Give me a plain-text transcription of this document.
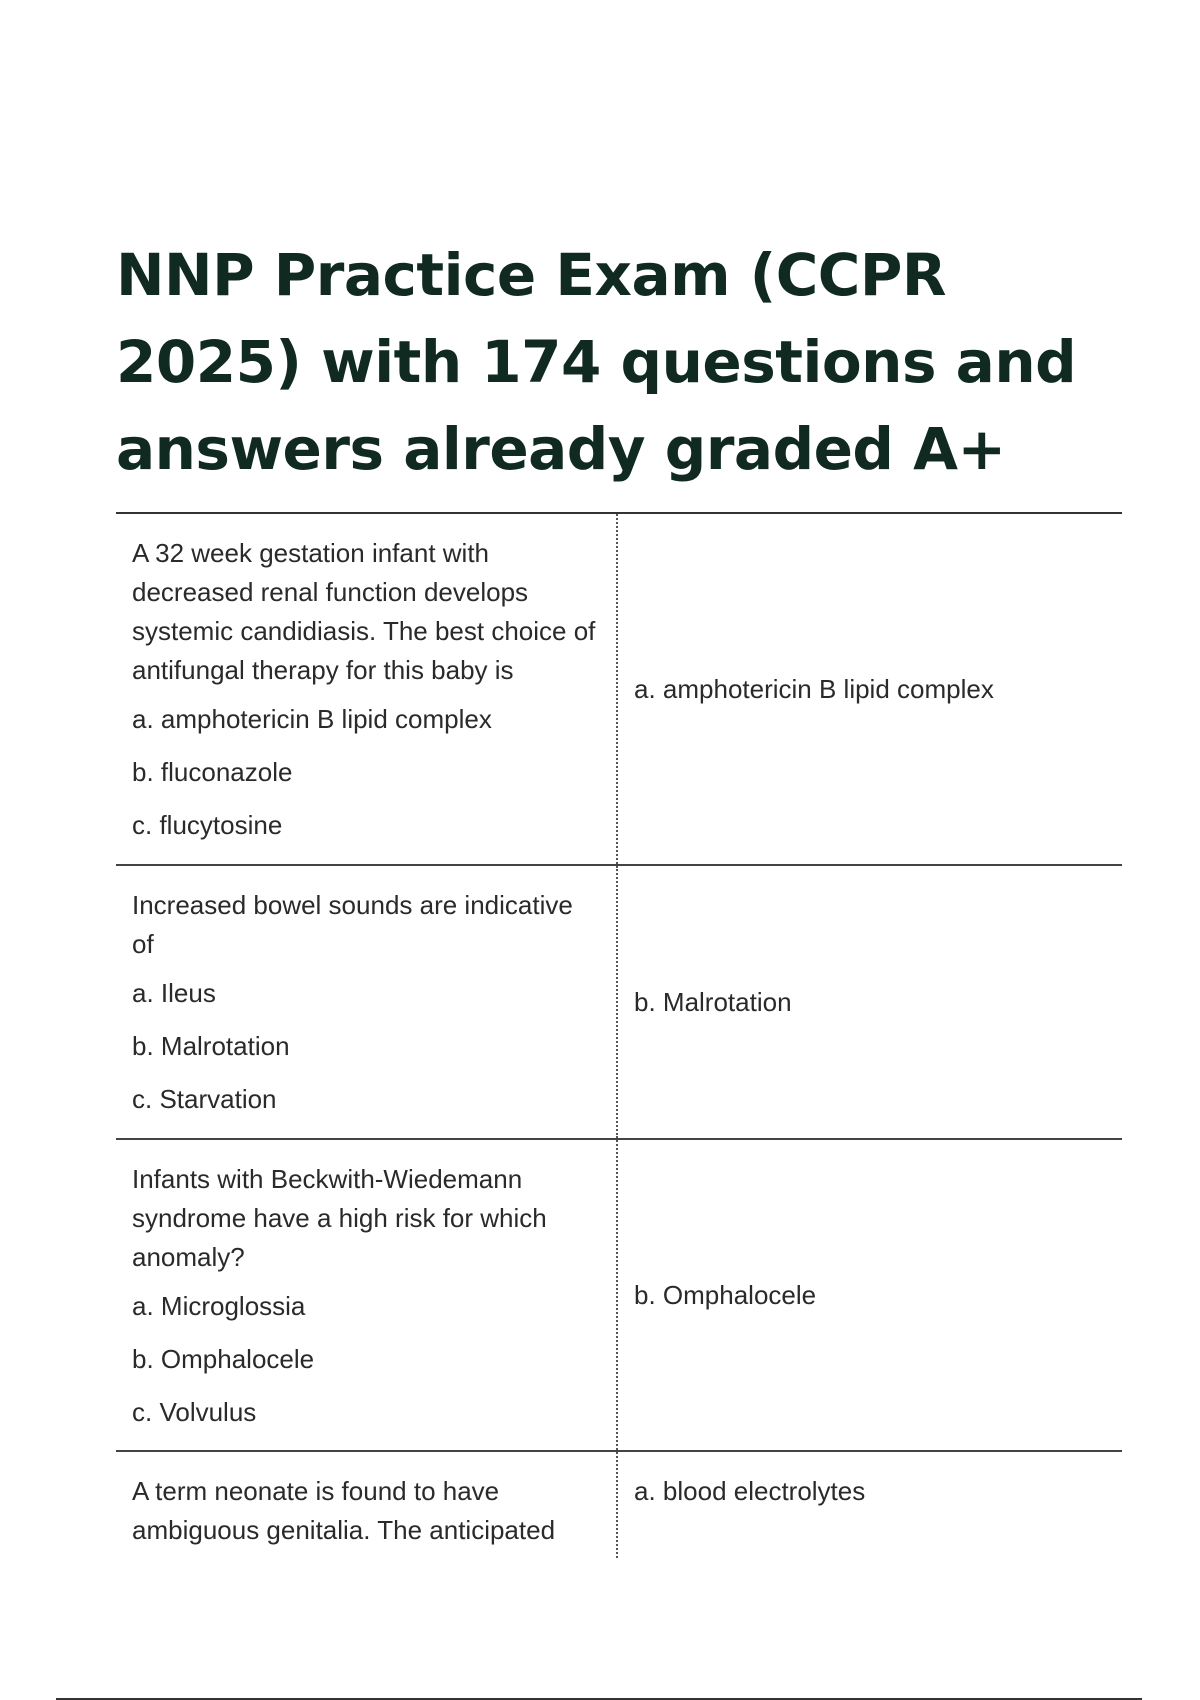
NNP Practice Exam (CCPR 2025) with 174 questions and answers already graded A+

A 32 week gestation infant with decreased renal function develops systemic candidiasis. The best choice of antifungal therapy for this baby is

a. amphotericin B lipid complex

b. fluconazole

c. flucytosine

a. amphotericin B lipid complex

Increased bowel sounds are indicative of

a. Ileus

b. Malrotation

c. Starvation

b. Malrotation

Infants with Beckwith-Wiedemann syndrome have a high risk for which anomaly?

a. Microglossia

b. Omphalocele

c. Volvulus

b. Omphalocele

A term neonate is found to have ambiguous genitalia. The anticipated

a. blood electrolytes
